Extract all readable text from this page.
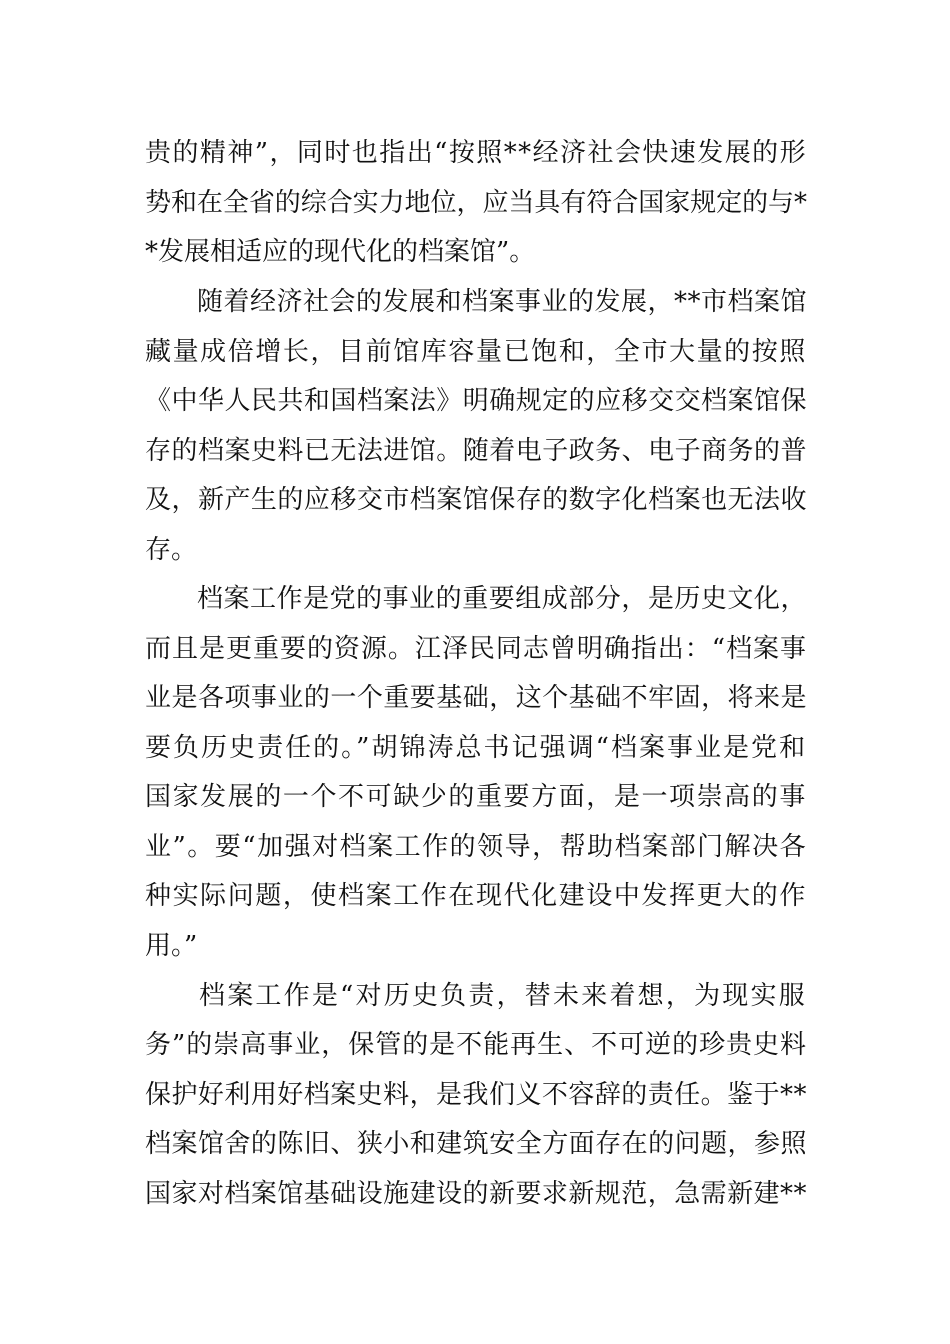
贵的精神”，同时也指出“按照**经济社会快速发展的形
势和在全省的综合实力地位，应当具有符合国家规定的与*
*发展相适应的现代化的档案馆”。
随着经济社会的发展和档案事业的发展，**市档案馆
藏量成倍增长，目前馆库容量已饱和，全市大量的按照
《中华人民共和国档案法》明确规定的应移交交档案馆保
存的档案史料已无法进馆。随着电子政务、电子商务的普
及，新产生的应移交市档案馆保存的数字化档案也无法收
存。
档案工作是党的事业的重要组成部分，是历史文化，
而且是更重要的资源。江泽民同志曾明确指出：“档案事
业是各项事业的一个重要基础，这个基础不牢固，将来是
要负历史责任的。”胡锦涛总书记强调“档案事业是党和
国家发展的一个不可缺少的重要方面，是一项崇高的事
业”。要“加强对档案工作的领导，帮助档案部门解决各
种实际问题，使档案工作在现代化建设中发挥更大的作
用。”
档案工作是“对历史负责，替未来着想，为现实服
务”的崇高事业，保管的是不能再生、不可逆的珍贵史料
保护好利用好档案史料，是我们义不容辞的责任。鉴于**
档案馆舍的陈旧、狭小和建筑安全方面存在的问题，参照
国家对档案馆基础设施建设的新要求新规范，急需新建**
